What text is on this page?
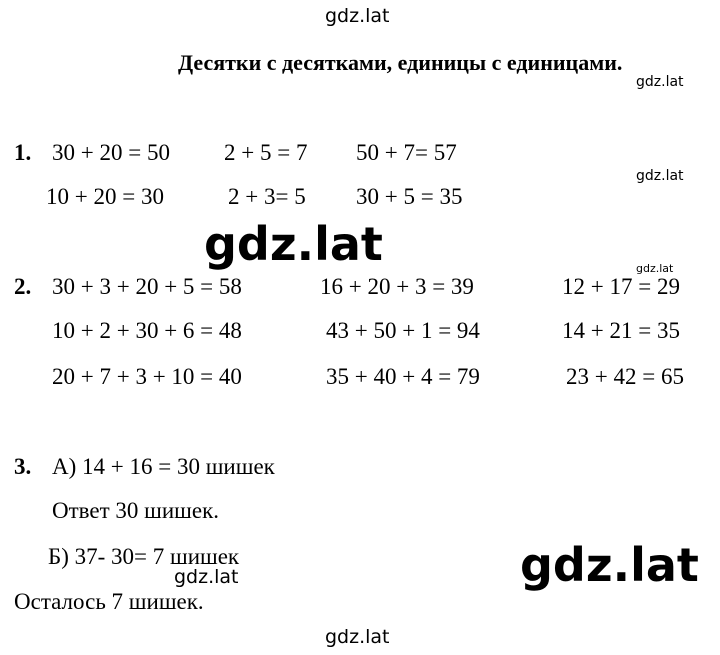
gdz.lat
gdz.lat
gdz.lat
gdz.lat	gdz.lat
gdz.lat
gdz.lat
gdz.lat
Десятки с десятками, единицы с единицами.
1. 30 + 20 = 50 2 + 5 = 7 50 + 7= 57
10 + 20 = 30	2 + 3= 5 30 + 5 = 35
2. 30 + 3 + 20 + 5 = 58	16 + 20 + 3 = 39	12 + 17 = 29
10 + 2 + 30 + 6 = 48	43 + 50 + 1 = 94	14 + 21 = 35
20 + 7 + 3 + 10 = 40	35 + 40 + 4 = 79	23 + 42 = 65
3. А) 14 + 16 = 30 шишек
Ответ 30 шишек.
Б) 37- 30= 7 шишек
Осталось 7 шишек.
